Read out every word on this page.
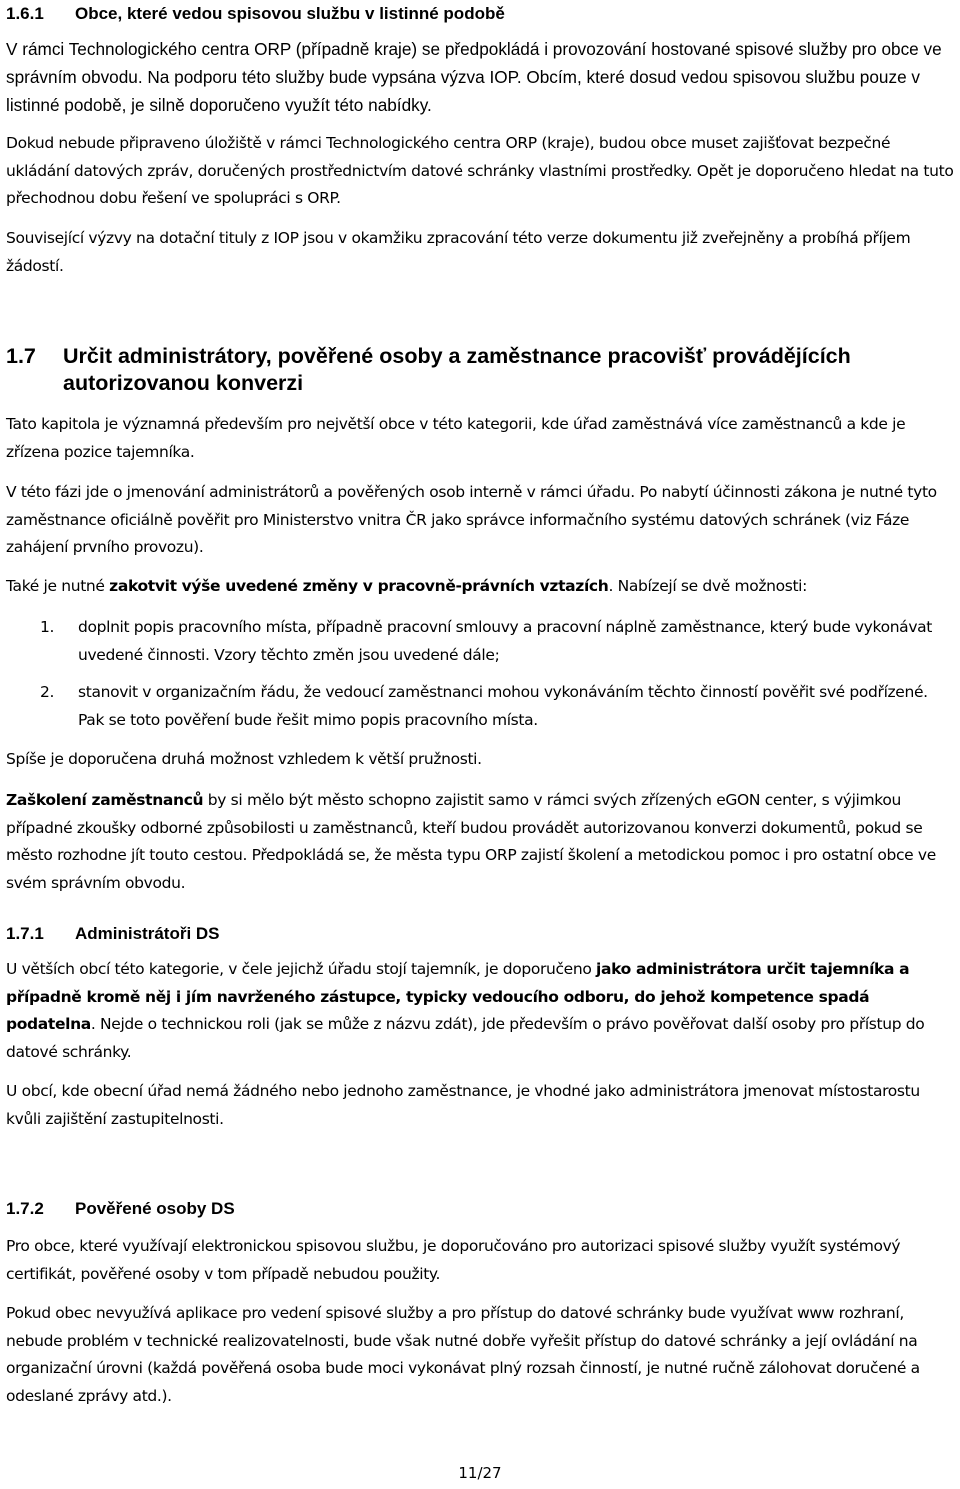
1.6.1 Obce, které vedou spisovou službu v listinné podobě

V rámci Technologického centra ORP (případně kraje) se předpokládá i provozování hostované spisové služby pro obce ve správním obvodu. Na podporu této služby bude vypsána výzva IOP. Obcím, které dosud vedou spisovou službu pouze v listinné podobě, je silně doporučeno využít této nabídky.

Dokud nebude připraveno úložiště v rámci Technologického centra ORP (kraje), budou obce muset zajišťovat bezpečné ukládání datových zpráv, doručených prostřednictvím datové schránky vlastními prostředky. Opět je doporučeno hledat na tuto přechodnou dobu řešení ve spolupráci s ORP.

Související výzvy na dotační tituly z IOP jsou v okamžiku zpracování této verze dokumentu již zveřejněny a probíhá příjem žádostí.

1.7	Určit administrátory, pověřené osoby a zaměstnance pracovišť provádějících autorizovanou konverzi

Tato kapitola je významná především pro největší obce v této kategorii, kde úřad zaměstnává více zaměstnanců a kde je zřízena pozice tajemníka.

V této fázi jde o jmenování administrátorů a pověřených osob interně v rámci úřadu. Po nabytí účinnosti zákona je nutné tyto zaměstnance oficiálně pověřit pro Ministerstvo vnitra ČR jako správce informačního systému datových schránek (viz Fáze zahájení prvního provozu).

Také je nutné zakotvit výše uvedené změny v pracovně-právních vztazích. Nabízejí se dvě možnosti:

1.	doplnit popis pracovního místa, případně pracovní smlouvy a pracovní náplně zaměstnance, který bude vykonávat uvedené činnosti. Vzory těchto změn jsou uvedené dále;
2.	stanovit v organizačním řádu, že vedoucí zaměstnanci mohou vykonáváním těchto činností pověřit své podřízené. Pak se toto pověření bude řešit mimo popis pracovního místa.

Spíše je doporučena druhá možnost vzhledem k větší pružnosti.

Zaškolení zaměstnanců by si mělo být město schopno zajistit samo v rámci svých zřízených eGON center, s výjimkou případné zkoušky odborné způsobilosti u zaměstnanců, kteří budou provádět autorizovanou konverzi dokumentů, pokud se město rozhodne jít touto cestou. Předpokládá se, že města typu ORP zajistí školení a metodickou pomoc i pro ostatní obce ve svém správním obvodu.

1.7.1 Administrátoři DS

U větších obcí této kategorie, v čele jejichž úřadu stojí tajemník, je doporučeno jako administrátora určit tajemníka a případně kromě něj i jím navrženého zástupce, typicky vedoucího odboru, do jehož kompetence spadá podatelna. Nejde o technickou roli (jak se může z názvu zdát), jde především o právo pověřovat další osoby pro přístup do datové schránky.

U obcí, kde obecní úřad nemá žádného nebo jednoho zaměstnance, je vhodné jako administrátora jmenovat místostarostu kvůli zajištění zastupitelnosti.

1.7.2 Pověřené osoby DS

Pro obce, které využívají elektronickou spisovou službu, je doporučováno pro autorizaci spisové služby využít systémový certifikát, pověřené osoby v tom případě nebudou použity.

Pokud obec nevyužívá aplikace pro vedení spisové služby a pro přístup do datové schránky bude využívat www rozhraní, nebude problém v technické realizovatelnosti, bude však nutné dobře vyřešit přístup do datové schránky a její ovládání na organizační úrovni (každá pověřená osoba bude moci vykonávat plný rozsah činností, je nutné ručně zálohovat doručené a odeslané zprávy atd.).

11/27
